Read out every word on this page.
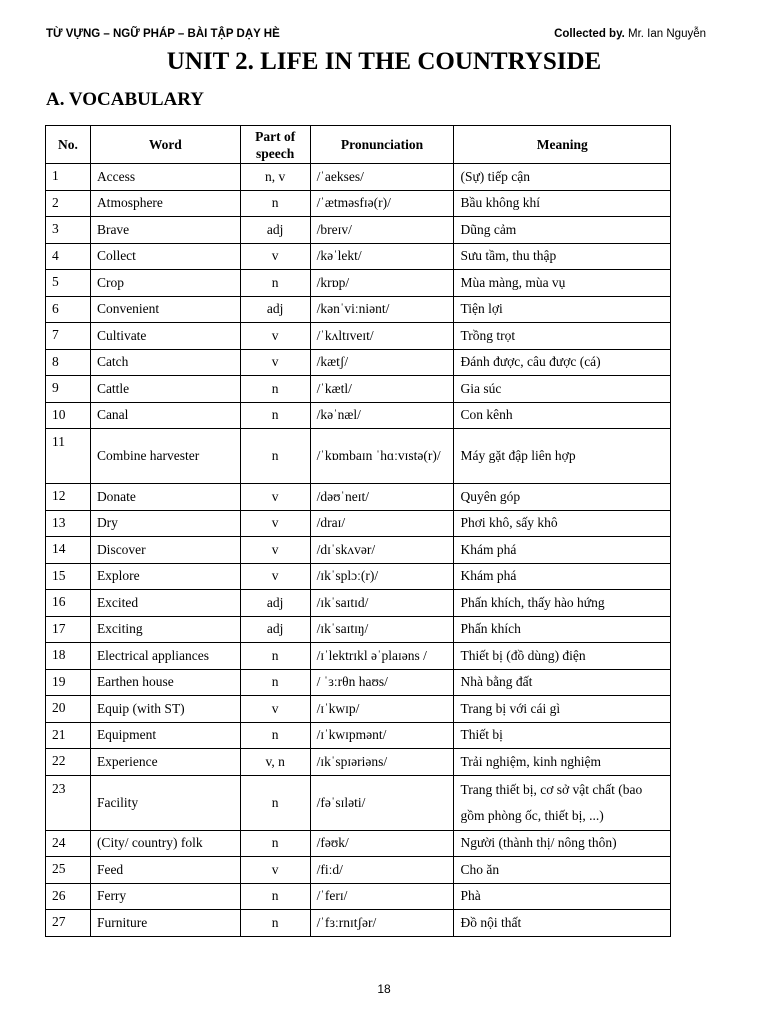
TỪ VỰNG – NGỮ PHÁP – BÀI TẬP DẠY HÈ	Collected by. Mr. Ian Nguyễn
UNIT 2. LIFE IN THE COUNTRYSIDE
A. VOCABULARY
No.	Word	Part of speech	Pronunciation	Meaning
1	Access	n, v	/ˈaekses/	(Sự) tiếp cận
2	Atmosphere	n	/ˈætməsfɪə(r)/	Bầu không khí
3	Brave	adj	/breɪv/	Dũng cảm
4	Collect	v	/kəˈlekt/	Sưu tầm, thu thập
5	Crop	n	/krɒp/	Mùa màng, mùa vụ
6	Convenient	adj	/kənˈviːniənt/	Tiện lợi
7	Cultivate	v	/ˈkʌltɪveɪt/	Trồng trọt
8	Catch	v	/kætʃ/	Đánh được, câu được (cá)
9	Cattle	n	/ˈkætl/	Gia súc
10	Canal	n	/kəˈnæl/	Con kênh
11	Combine harvester	n	/ˈkɒmbaɪn ˈhɑːvɪstə(r)/	Máy gặt đập liên hợp
12	Donate	v	/dəʊˈneɪt/	Quyên góp
13	Dry	v	/draɪ/	Phơi khô, sấy khô
14	Discover	v	/dɪˈskʌvər/	Khám phá
15	Explore	v	/ɪkˈsplɔː(r)/	Khám phá
16	Excited	adj	/ɪkˈsaɪtɪd/	Phấn khích, thấy hào hứng
17	Exciting	adj	/ɪkˈsaɪtɪŋ/	Phấn khích
18	Electrical appliances	n	/ɪˈlektrɪkl əˈplaɪəns /	Thiết bị (đồ dùng) điện
19	Earthen house	n	/ ˈɜːrθn haʊs/	Nhà bằng đất
20	Equip (with ST)	v	/ɪˈkwɪp/	Trang bị với cái gì
21	Equipment	n	/ɪˈkwɪpmənt/	Thiết bị
22	Experience	v, n	/ɪkˈspɪəriəns/	Trải nghiệm, kinh nghiệm
23	Facility	n	/fəˈsɪləti/	Trang thiết bị, cơ sở vật chất (bao gồm phòng ốc, thiết bị, ...)
24	(City/ country) folk	n	/fəʊk/	Người (thành thị/ nông thôn)
25	Feed	v	/fiːd/	Cho ăn
26	Ferry	n	/ˈferɪ/	Phà
27	Furniture	n	/ˈfɜːrnɪtʃər/	Đồ nội thất
18
